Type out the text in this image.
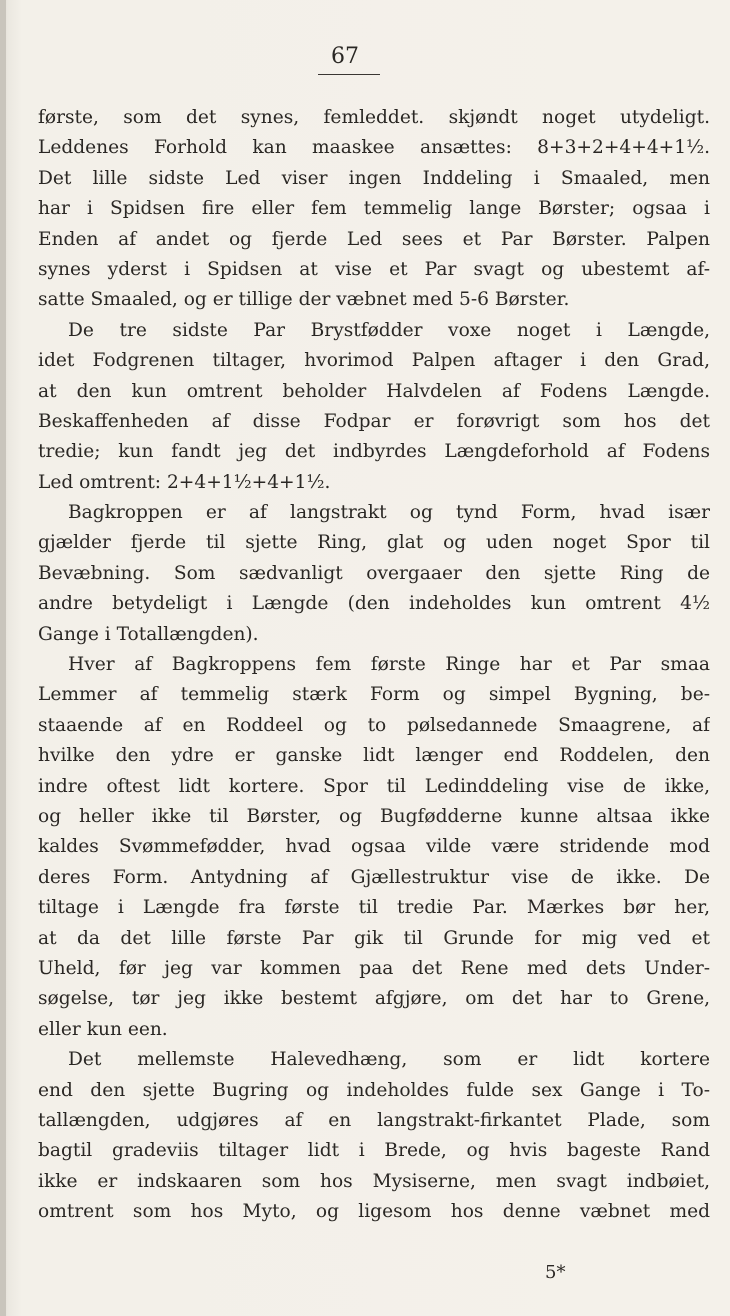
67
første, som det synes, femleddet. skjøndt noget utydeligt.
Leddenes Forhold kan maaskee ansættes: 8+3+2+4+4+1½.
Det lille sidste Led viser ingen Inddeling i Smaaled, men
har i Spidsen fire eller fem temmelig lange Børster; ogsaa i
Enden af andet og fjerde Led sees et Par Børster. Palpen
synes yderst i Spidsen at vise et Par svagt og ubestemt af-
satte Smaaled, og er tillige der væbnet med 5-6 Børster.
De tre sidste Par Brystfødder voxe noget i Længde,
idet Fodgrenen tiltager, hvorimod Palpen aftager i den Grad,
at den kun omtrent beholder Halvdelen af Fodens Længde.
Beskaffenheden af disse Fodpar er forøvrigt som hos det
tredie; kun fandt jeg det indbyrdes Længdeforhold af Fodens
Led omtrent: 2+4+1½+4+1½.
Bagkroppen er af langstrakt og tynd Form, hvad især
gjælder fjerde til sjette Ring, glat og uden noget Spor til
Bevæbning. Som sædvanligt overgaaer den sjette Ring de
andre betydeligt i Længde (den indeholdes kun omtrent 4½
Gange i Totallængden).
Hver af Bagkroppens fem første Ringe har et Par smaa
Lemmer af temmelig stærk Form og simpel Bygning, be-
staaende af en Roddeel og to pølsedannede Smaagrene, af
hvilke den ydre er ganske lidt længer end Roddelen, den
indre oftest lidt kortere. Spor til Ledinddeling vise de ikke,
og heller ikke til Børster, og Bugfødderne kunne altsaa ikke
kaldes Svømmefødder, hvad ogsaa vilde være stridende mod
deres Form. Antydning af Gjællestruktur vise de ikke. De
tiltage i Længde fra første til tredie Par. Mærkes bør her,
at da det lille første Par gik til Grunde for mig ved et
Uheld, før jeg var kommen paa det Rene med dets Under-
søgelse, tør jeg ikke bestemt afgjøre, om det har to Grene,
eller kun een.
Det mellemste Halevedhæng, som er lidt kortere
end den sjette Bugring og indeholdes fulde sex Gange i To-
tallængden, udgjøres af en langstrakt-firkantet Plade, som
bagtil gradeviis tiltager lidt i Brede, og hvis bageste Rand
ikke er indskaaren som hos Mysiserne, men svagt indbøiet,
omtrent som hos Myto, og ligesom hos denne væbnet med
5*
